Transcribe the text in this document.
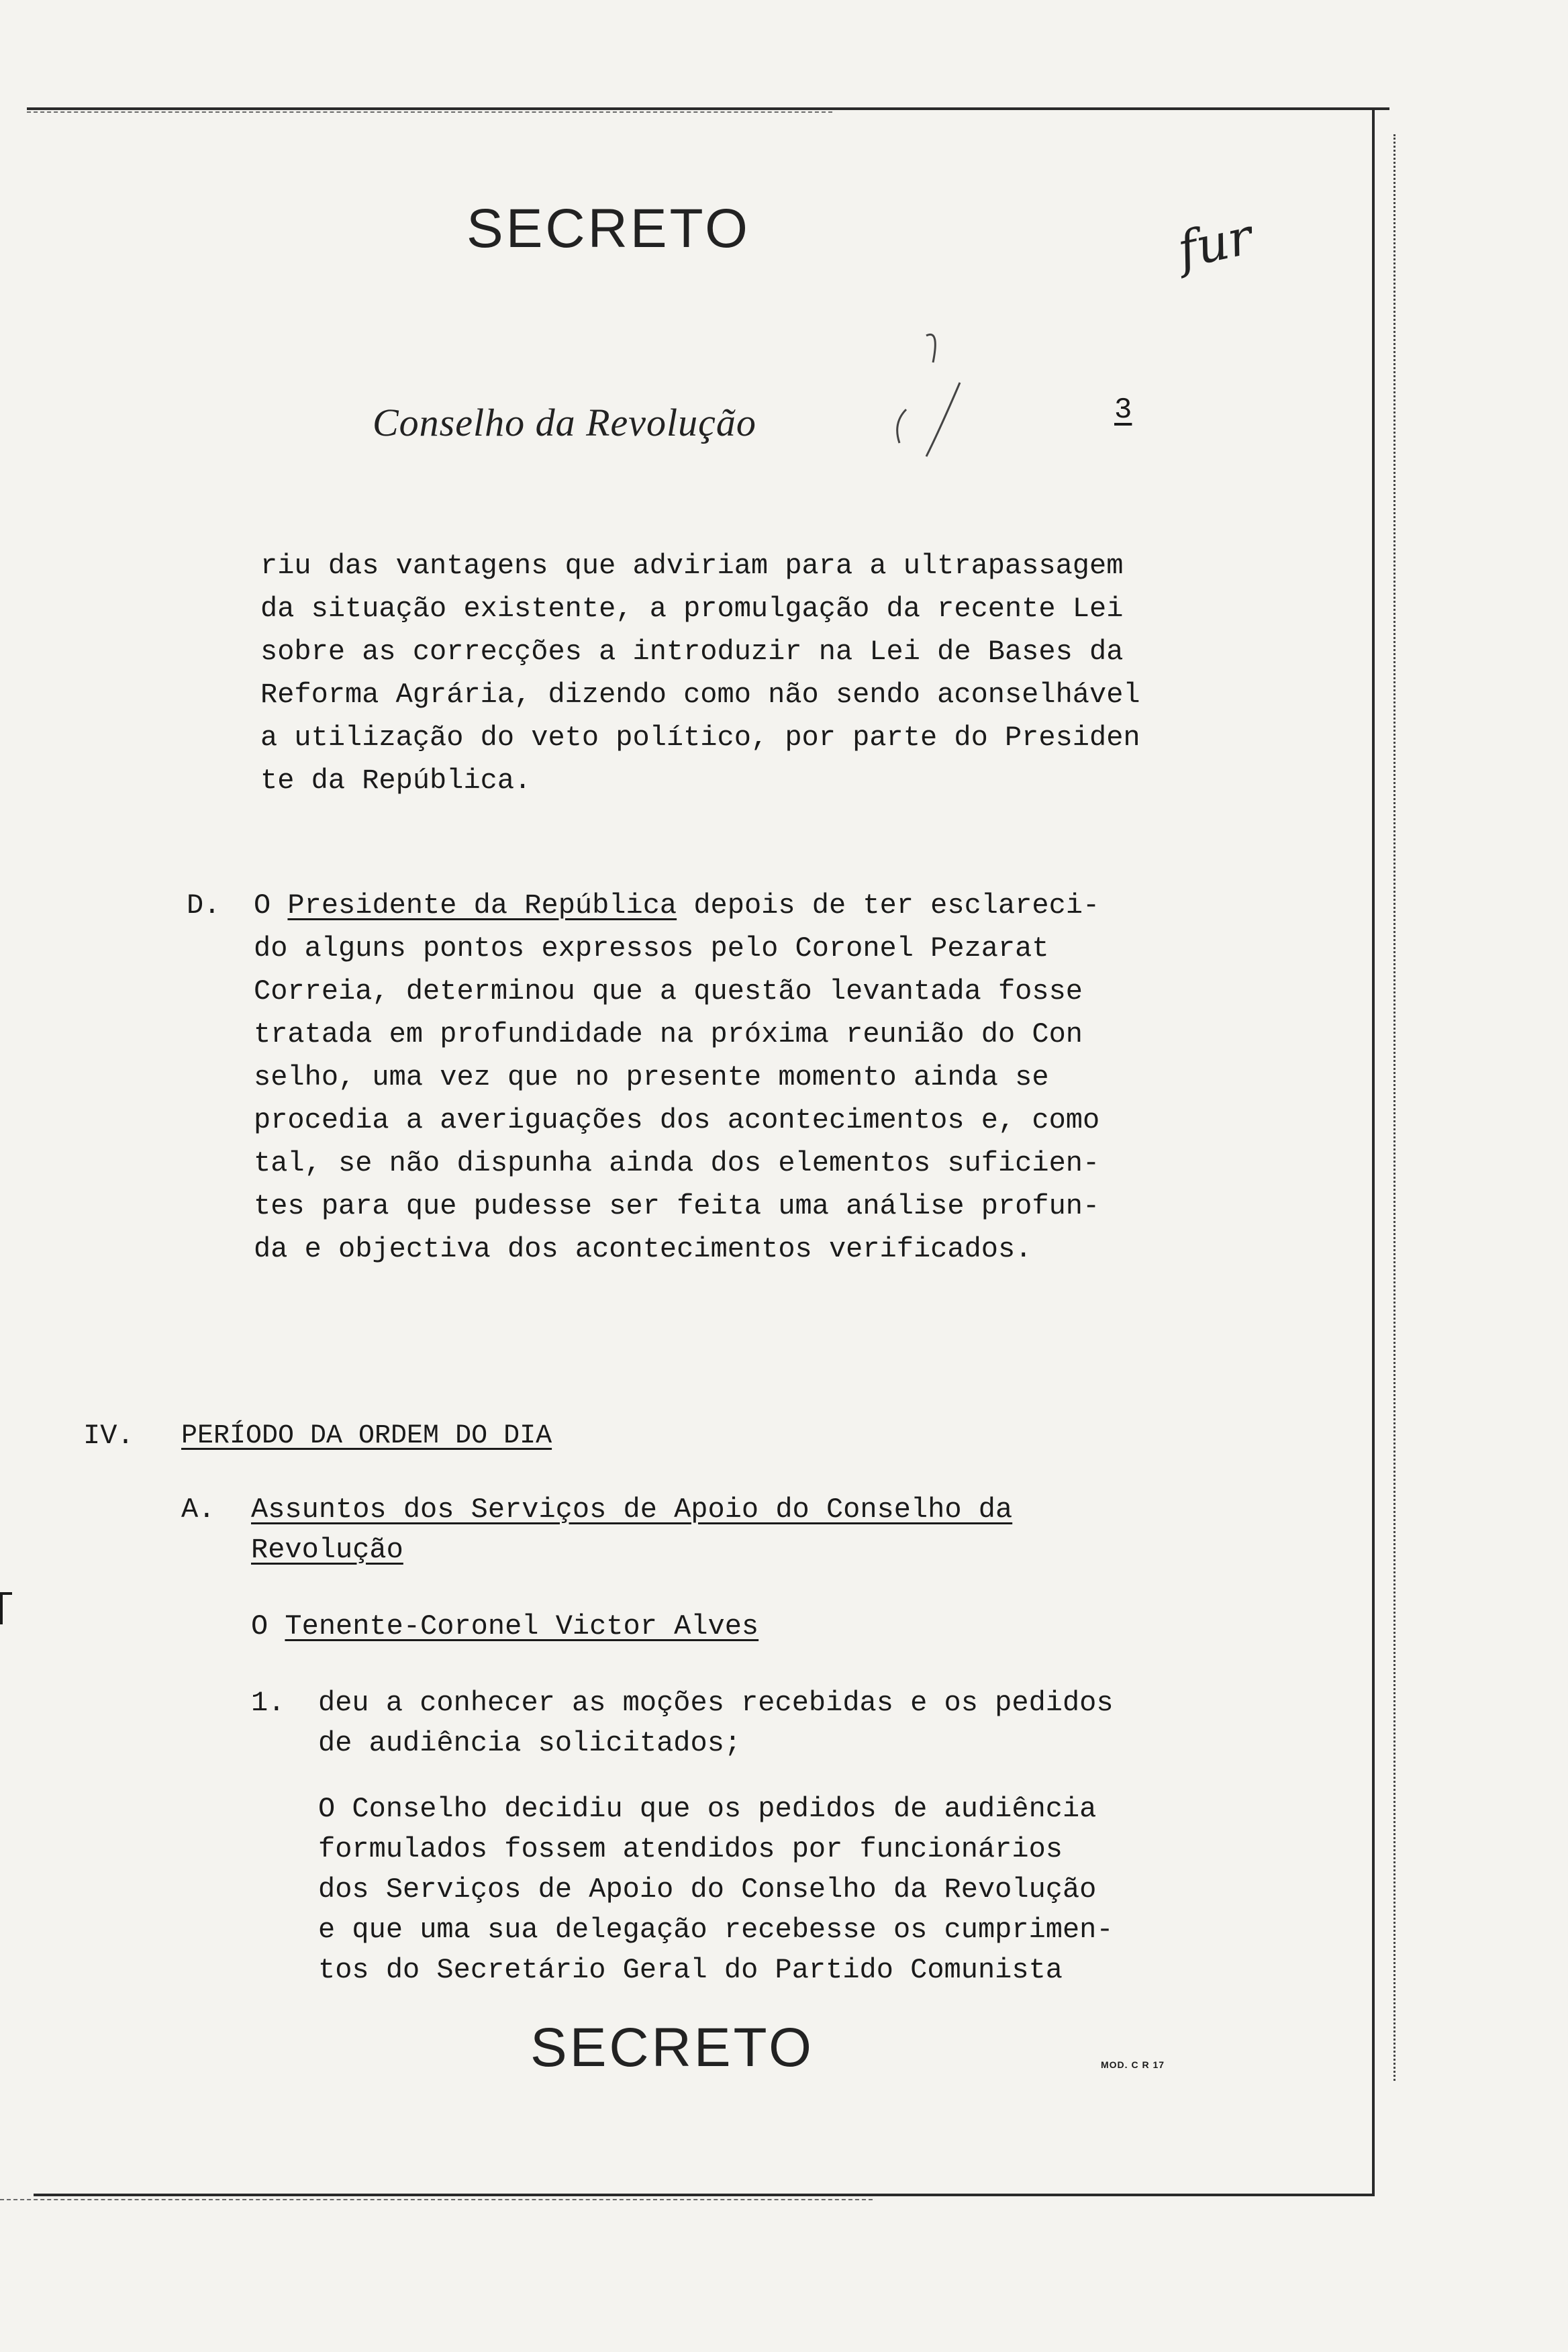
SECRETO	fur
Conselho da Revolução	3
riu das vantagens que adviriam para a ultrapassagem
da situação existente, a promulgação da recente Lei
sobre as correcções a introduzir na Lei de Bases da
Reforma Agrária, dizendo como não sendo aconselhável
a utilização do veto político, por parte do Presiden
te da República.
D. O Presidente da República depois de ter esclareci-
do alguns pontos expressos pelo Coronel Pezarat
Correia, determinou que a questão levantada fosse
tratada em profundidade na próxima reunião do Con
selho, uma vez que no presente momento ainda se
procedia a averiguações dos acontecimentos e, como
tal, se não dispunha ainda dos elementos suficien-
tes para que pudesse ser feita uma análise profun-
da e objectiva dos acontecimentos verificados.
IV. PERÍODO DA ORDEM DO DIA
A. Assuntos dos Serviços de Apoio do Conselho da
Revolução
O Tenente-Coronel Victor Alves
1. deu a conhecer as moções recebidas e os pedidos
de audiência solicitados;
O Conselho decidiu que os pedidos de audiência
formulados fossem atendidos por funcionários
dos Serviços de Apoio do Conselho da Revolução
e que uma sua delegação recebesse os cumprimen-
tos do Secretário Geral do Partido Comunista
SECRETO	MOD. C R 17
